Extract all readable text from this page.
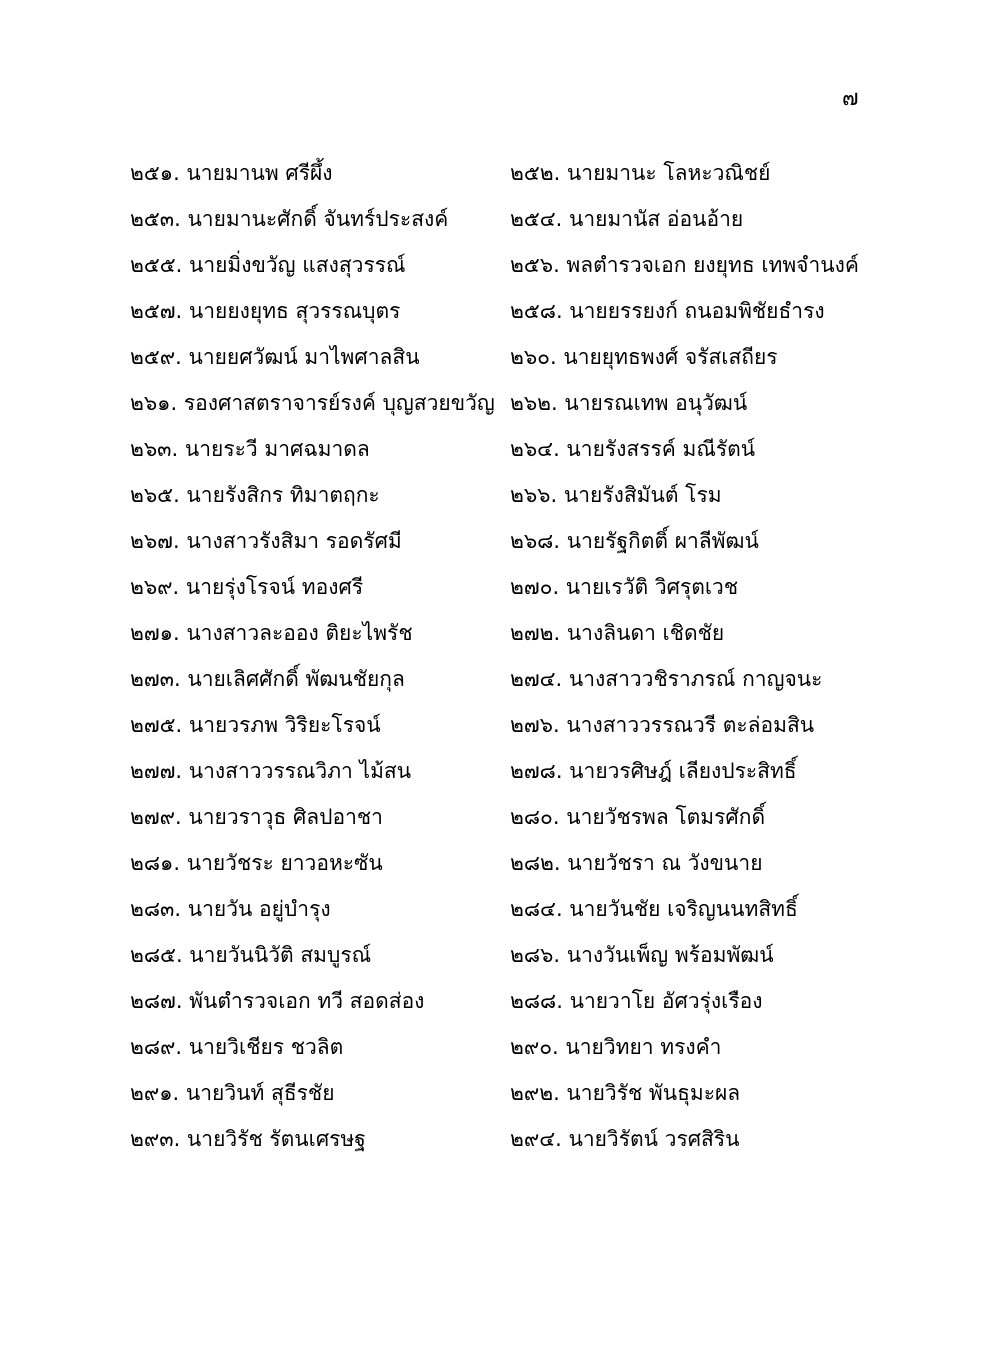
๗
๒๕๑. นายมานพ ศรีผึ้ง	๒๕๒. นายมานะ โลหะวณิชย์
๒๕๓. นายมานะศักดิ์ จันทร์ประสงค์	๒๕๔. นายมานัส อ่อนอ้าย
๒๕๕. นายมิ่งขวัญ แสงสุวรรณ์	๒๕๖. พลตำรวจเอก ยงยุทธ เทพจำนงค์
๒๕๗. นายยงยุทธ สุวรรณบุตร	๒๕๘. นายยรรยงก์ ถนอมพิชัยธำรง
๒๕๙. นายยศวัฒน์ มาไพศาลสิน	๒๖๐. นายยุทธพงศ์ จรัสเสถียร
๒๖๑. รองศาสตราจารย์รงค์ บุญสวยขวัญ ๒๖๒. นายรณเทพ อนุวัฒน์
๒๖๓. นายระวี มาศฉมาดล	๒๖๔. นายรังสรรค์ มณีรัตน์
๒๖๕. นายรังสิกร ทิมาตฤกะ	๒๖๖. นายรังสิมันต์ โรม
๒๖๗. นางสาวรังสิมา รอดรัศมี	๒๖๘. นายรัฐกิตติ์ ผาลีพัฒน์
๒๖๙. นายรุ่งโรจน์ ทองศรี	๒๗๐. นายเรวัติ วิศรุตเวช
๒๗๑. นางสาวละออง ติยะไพรัช	๒๗๒. นางลินดา เชิดชัย
๒๗๓. นายเลิศศักดิ์ พัฒนชัยกุล	๒๗๔. นางสาววชิราภรณ์ กาญจนะ
๒๗๕. นายวรภพ วิริยะโรจน์	๒๗๖. นางสาววรรณวรี ตะล่อมสิน
๒๗๗. นางสาววรรณวิภา ไม้สน	๒๗๘. นายวรศิษฎ์ เลียงประสิทธิ์
๒๗๙. นายวราวุธ ศิลปอาชา	๒๘๐. นายวัชรพล โตมรศักดิ์
๒๘๑. นายวัชระ ยาวอหะซัน	๒๘๒. นายวัชรา ณ วังขนาย
๒๘๓. นายวัน อยู่บำรุง	๒๘๔. นายวันชัย เจริญนนทสิทธิ์
๒๘๕. นายวันนิวัติ สมบูรณ์	๒๘๖. นางวันเพ็ญ พร้อมพัฒน์
๒๘๗. พันตำรวจเอก ทวี สอดส่อง	๒๘๘. นายวาโย อัศวรุ่งเรือง
๒๘๙. นายวิเชียร ชวลิต	๒๙๐. นายวิทยา ทรงคำ
๒๙๑. นายวินท์ สุธีรชัย	๒๙๒. นายวิรัช พันธุมะผล
๒๙๓. นายวิรัช รัตนเศรษฐ	๒๙๔. นายวิรัตน์ วรศสิริน
